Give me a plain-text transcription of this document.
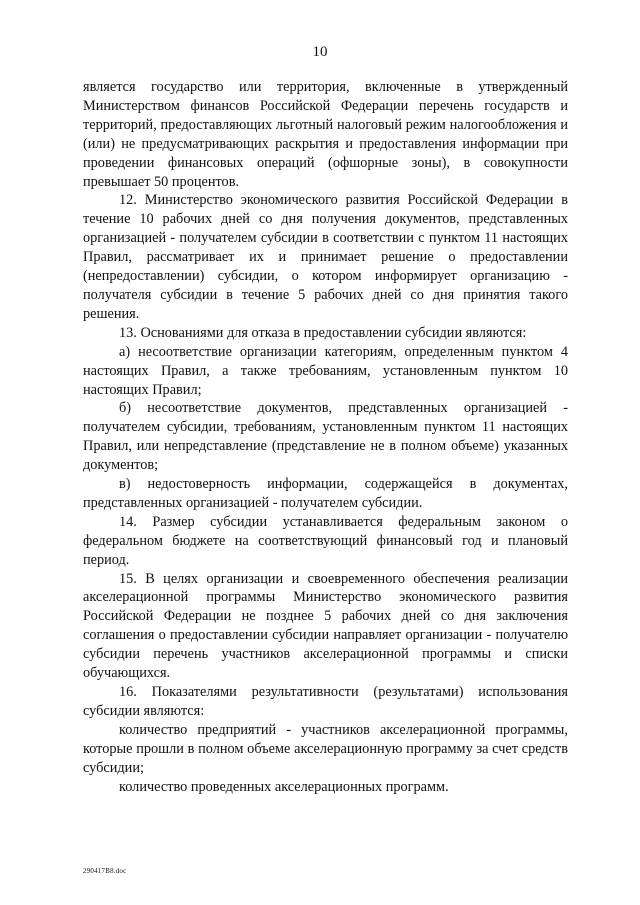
10

является государство или территория, включенные в утвержденный Министерством финансов Российской Федерации перечень государств и территорий, предоставляющих льготный налоговый режим налогообложения и (или) не предусматривающих раскрытия и предоставления информации при проведении финансовых операций (офшорные зоны), в совокупности превышает 50 процентов.

12. Министерство экономического развития Российской Федерации в течение 10 рабочих дней со дня получения документов, представленных организацией - получателем субсидии в соответствии с пунктом 11 настоящих Правил, рассматривает их и принимает решение о предоставлении (непредоставлении) субсидии, о котором информирует организацию - получателя субсидии в течение 5 рабочих дней со дня принятия такого решения.

13. Основаниями для отказа в предоставлении субсидии являются:

а) несоответствие организации категориям, определенным пунктом 4 настоящих Правил, а также требованиям, установленным пунктом 10 настоящих Правил;

б) несоответствие документов, представленных организацией - получателем субсидии, требованиям, установленным пунктом 11 настоящих Правил, или непредставление (представление не в полном объеме) указанных документов;

в) недостоверность информации, содержащейся в документах, представленных организацией - получателем субсидии.

14. Размер субсидии устанавливается федеральным законом о федеральном бюджете на соответствующий финансовый год и плановый период.

15. В целях организации и своевременного обеспечения реализации акселерационной программы Министерство экономического развития Российской Федерации не позднее 5 рабочих дней со дня заключения соглашения о предоставлении субсидии направляет организации - получателю субсидии перечень участников акселерационной программы и списки обучающихся.

16. Показателями результативности (результатами) использования субсидии являются:

количество предприятий - участников акселерационной программы, которые прошли в полном объеме акселерационную программу за счет средств субсидии;

количество проведенных акселерационных программ.

290417В8.doc
